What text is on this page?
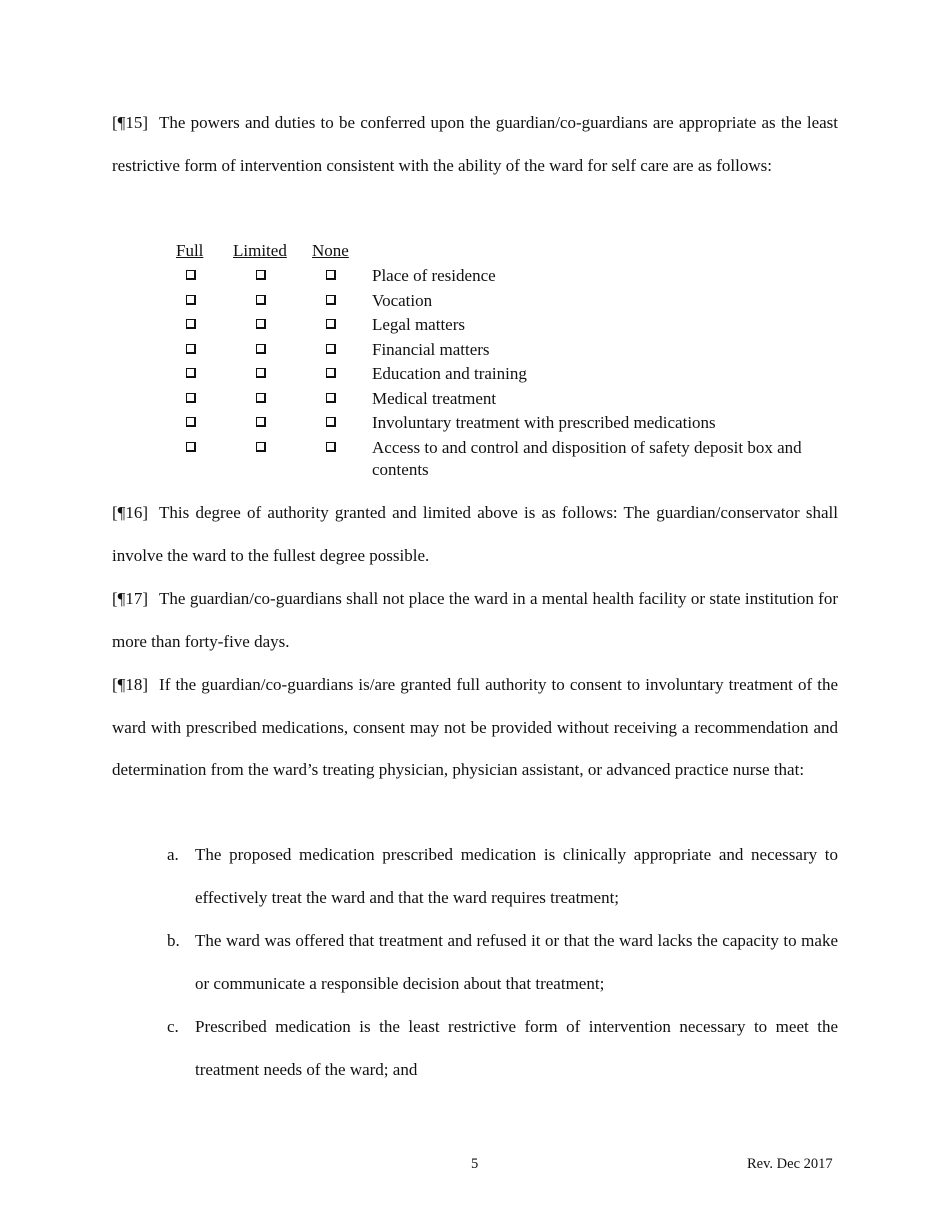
[¶15] The powers and duties to be conferred upon the guardian/co-guardians are appropriate as the least restrictive form of intervention consistent with the ability of the ward for self care are as follows:

Full Limited None
Place of residence
Vocation
Legal matters
Financial matters
Education and training
Medical treatment
Involuntary treatment with prescribed medications
Access to and control and disposition of safety deposit box and contents

[¶16] This degree of authority granted and limited above is as follows: The guardian/conservator shall involve the ward to the fullest degree possible.

[¶17] The guardian/co-guardians shall not place the ward in a mental health facility or state institution for more than forty-five days.

[¶18] If the guardian/co-guardians is/are granted full authority to consent to involuntary treatment of the ward with prescribed medications, consent may not be provided without receiving a recommendation and determination from the ward’s treating physician, physician assistant, or advanced practice nurse that:

a. The proposed medication prescribed medication is clinically appropriate and necessary to effectively treat the ward and that the ward requires treatment;

b. The ward was offered that treatment and refused it or that the ward lacks the capacity to make or communicate a responsible decision about that treatment;

c. Prescribed medication is the least restrictive form of intervention necessary to meet the treatment needs of the ward; and

5	Rev. Dec 2017
